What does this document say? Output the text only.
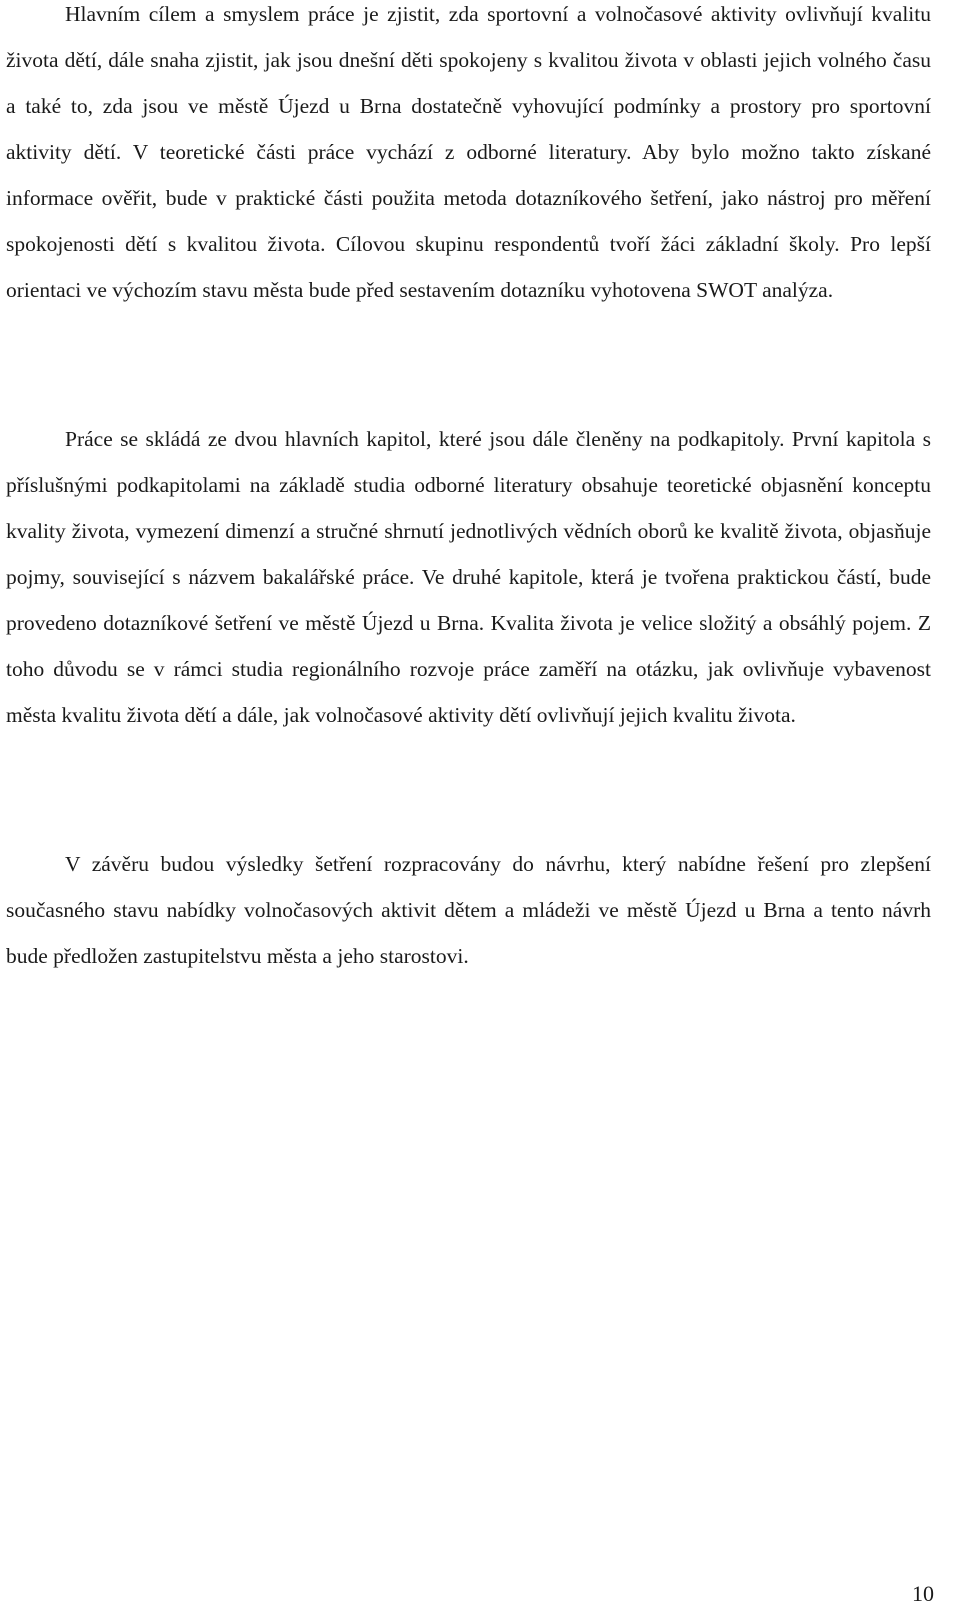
Hlavním cílem a smyslem práce je zjistit, zda sportovní a volnočasové aktivity ovlivňují kvalitu života dětí, dále snaha zjistit, jak jsou dnešní děti spokojeny s kvalitou života v oblasti jejich volného času a také to, zda jsou ve městě Újezd u Brna dostatečně vyhovující podmínky a prostory pro sportovní aktivity dětí. V teoretické části práce vychází z odborné literatury. Aby bylo možno takto získané informace ověřit, bude v praktické části použita metoda dotazníkového šetření, jako nástroj pro měření spokojenosti dětí s kvalitou života. Cílovou skupinu respondentů tvoří žáci základní školy. Pro lepší orientaci ve výchozím stavu města bude před sestavením dotazníku vyhotovena SWOT analýza.

Práce se skládá ze dvou hlavních kapitol, které jsou dále členěny na podkapitoly. První kapitola s příslušnými podkapitolami na základě studia odborné literatury obsahuje teoretické objasnění konceptu kvality života, vymezení dimenzí a stručné shrnutí jednotlivých vědních oborů ke kvalitě života, objasňuje pojmy, související s názvem bakalářské práce. Ve druhé kapitole, která je tvořena praktickou částí, bude provedeno dotazníkové šetření ve městě Újezd u Brna. Kvalita života je velice složitý a obsáhlý pojem. Z toho důvodu se v rámci studia regionálního rozvoje práce zaměří na otázku, jak ovlivňuje vybavenost města kvalitu života dětí a dále, jak volnočasové aktivity dětí ovlivňují jejich kvalitu života.

V závěru budou výsledky šetření rozpracovány do návrhu, který nabídne řešení pro zlepšení současného stavu nabídky volnočasových aktivit dětem a mládeži ve městě Újezd u Brna a tento návrh bude předložen zastupitelstvu města a jeho starostovi.

10
